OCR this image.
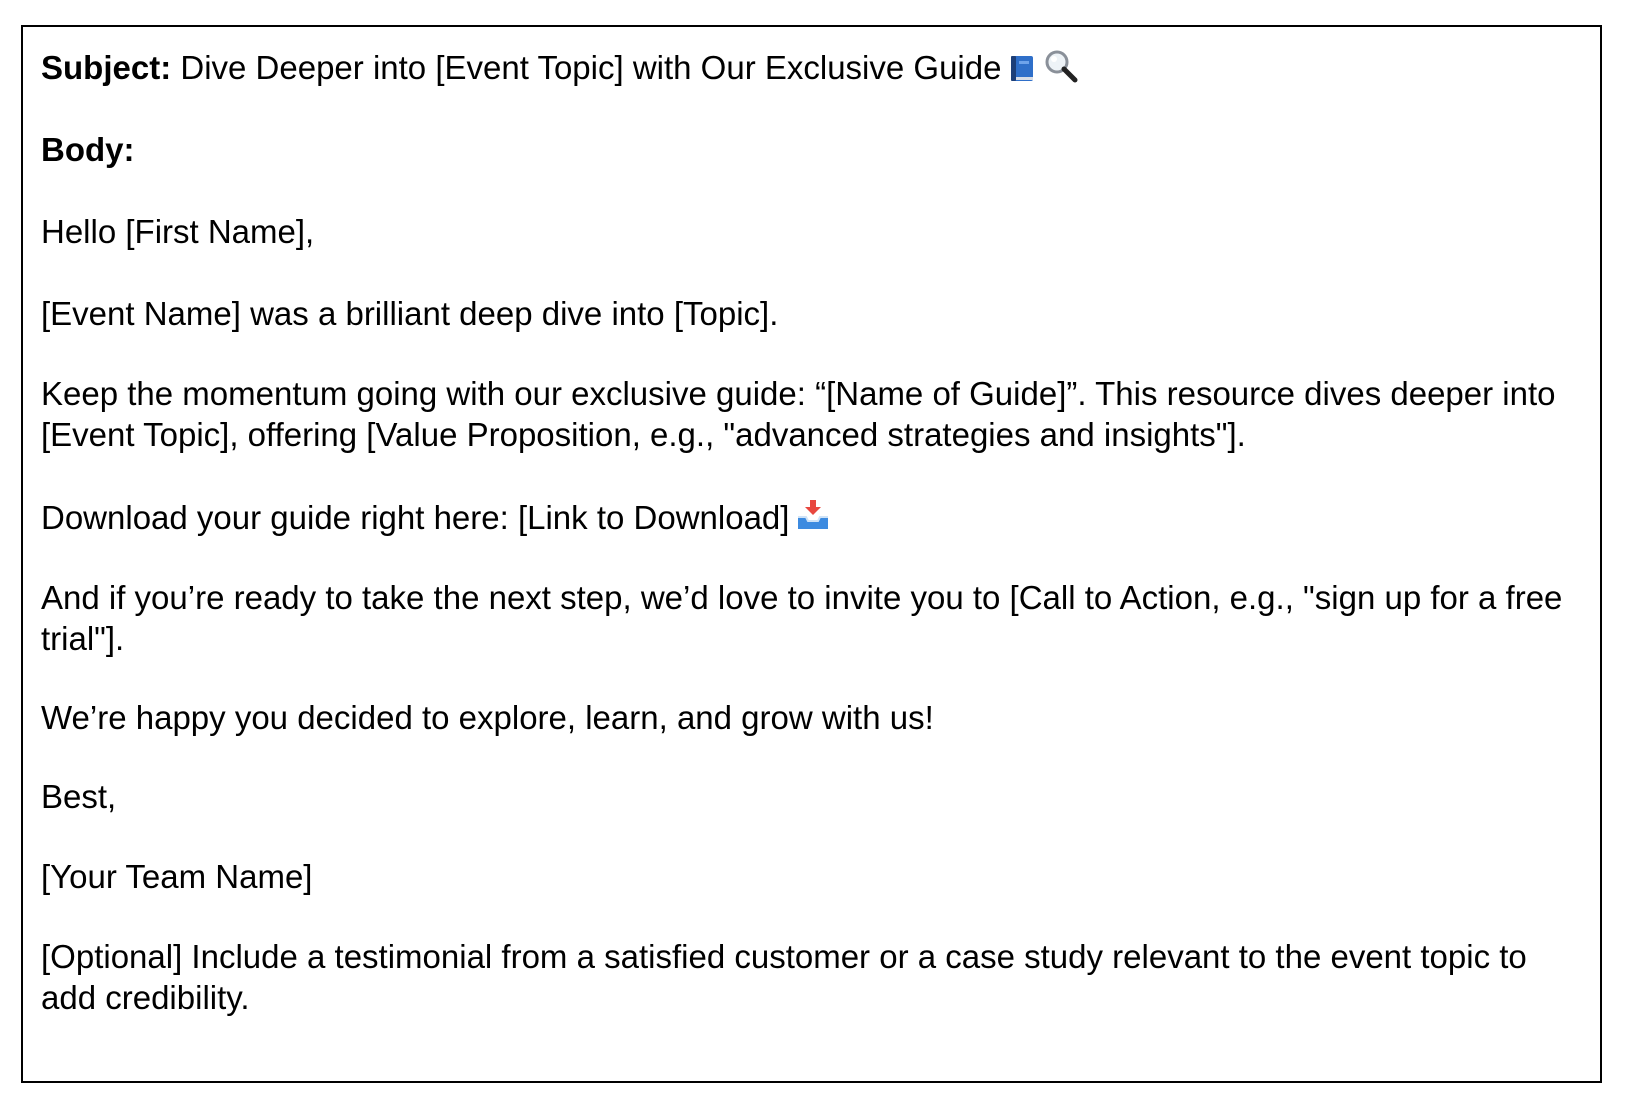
Subject: Dive Deeper into [Event Topic] with Our Exclusive Guide

Body:

Hello [First Name],

[Event Name] was a brilliant deep dive into [Topic].

Keep the momentum going with our exclusive guide: “[Name of Guide]”. This resource dives deeper into [Event Topic], offering [Value Proposition, e.g., "advanced strategies and insights"].

Download your guide right here: [Link to Download]

And if you’re ready to take the next step, we’d love to invite you to [Call to Action, e.g., "sign up for a free trial"].

We’re happy you decided to explore, learn, and grow with us!

Best,

[Your Team Name]

[Optional] Include a testimonial from a satisfied customer or a case study relevant to the event topic to add credibility.
